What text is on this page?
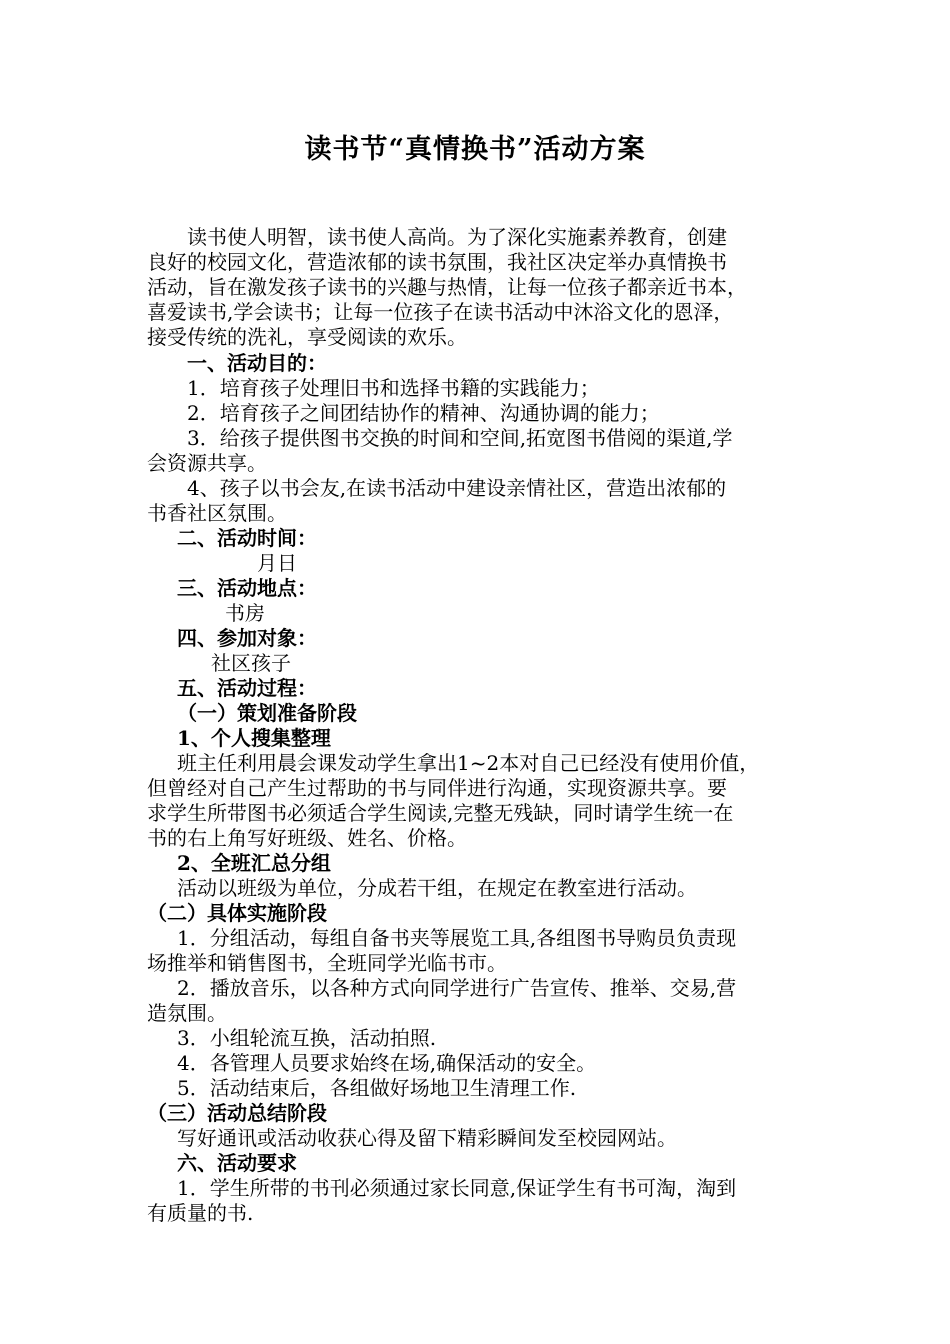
读书节“真情换书”活动方案
读书使人明智，读书使人高尚。为了深化实施素养教育，创建
良好的校园文化，营造浓郁的读书氛围，我社区决定举办真情换书
活动，旨在激发孩子读书的兴趣与热情，让每一位孩子都亲近书本，
喜爱读书,学会读书；让每一位孩子在读书活动中沐浴文化的恩泽，
接受传统的洗礼，享受阅读的欢乐。
一、活动目的：
1．培育孩子处理旧书和选择书籍的实践能力；
2．培育孩子之间团结协作的精神、沟通协调的能力；
3．给孩子提供图书交换的时间和空间,拓宽图书借阅的渠道,学
会资源共享。
4、孩子以书会友,在读书活动中建设亲情社区，营造出浓郁的
书香社区氛围。
二、活动时间：
月日
三、活动地点：
书房
四、参加对象：
社区孩子
五、活动过程：
（一）策划准备阶段
1、个人搜集整理
班主任利用晨会课发动学生拿出1~2本对自己已经没有使用价值，
但曾经对自己产生过帮助的书与同伴进行沟通，实现资源共享。要
求学生所带图书必须适合学生阅读,完整无残缺，同时请学生统一在
书的右上角写好班级、姓名、价格。
2、全班汇总分组
活动以班级为单位，分成若干组，在规定在教室进行活动。
（二）具体实施阶段
1．分组活动，每组自备书夹等展览工具,各组图书导购员负责现
场推举和销售图书，全班同学光临书市。
2．播放音乐，以各种方式向同学进行广告宣传、推举、交易,营
造氛围。
3．小组轮流互换，活动拍照.
4．各管理人员要求始终在场,确保活动的安全。
5．活动结束后，各组做好场地卫生清理工作.
（三）活动总结阶段
写好通讯或活动收获心得及留下精彩瞬间发至校园网站。
六、活动要求
1．学生所带的书刊必须通过家长同意,保证学生有书可淘，淘到
有质量的书.
